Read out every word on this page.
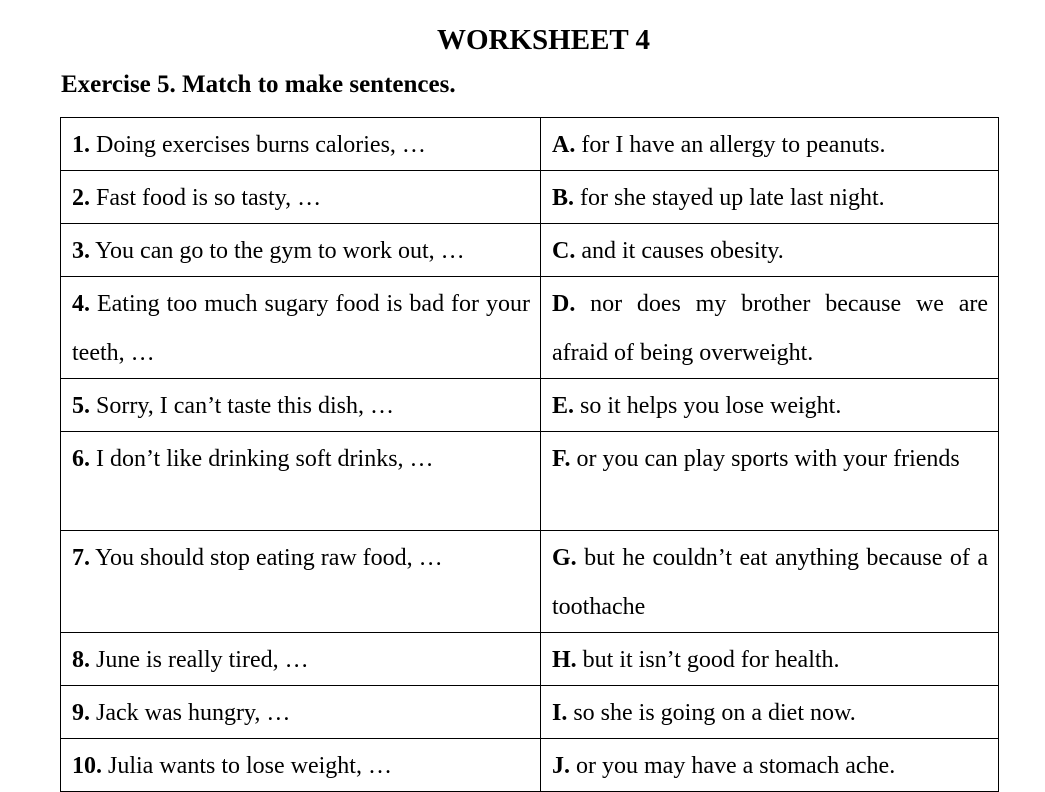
WORKSHEET 4
Exercise 5. Match to make sentences.
1. Doing exercises burns calories, …	A. for I have an allergy to peanuts.
2. Fast food is so tasty, …	B. for she stayed up late last night.
3. You can go to the gym to work out, …	C. and it causes obesity.
4. Eating too much sugary food is bad for your teeth, …	D. nor does my brother because we are afraid of being overweight.
5. Sorry, I can’t taste this dish, …	E. so it helps you lose weight.
6. I don’t like drinking soft drinks, …	F. or you can play sports with your friends
7. You should stop eating raw food, …	G. but he couldn’t eat anything because of a toothache
8. June is really tired, …	H. but it isn’t good for health.
9. Jack was hungry, …	I. so she is going on a diet now.
10. Julia wants to lose weight, …	J. or you may have a stomach ache.
